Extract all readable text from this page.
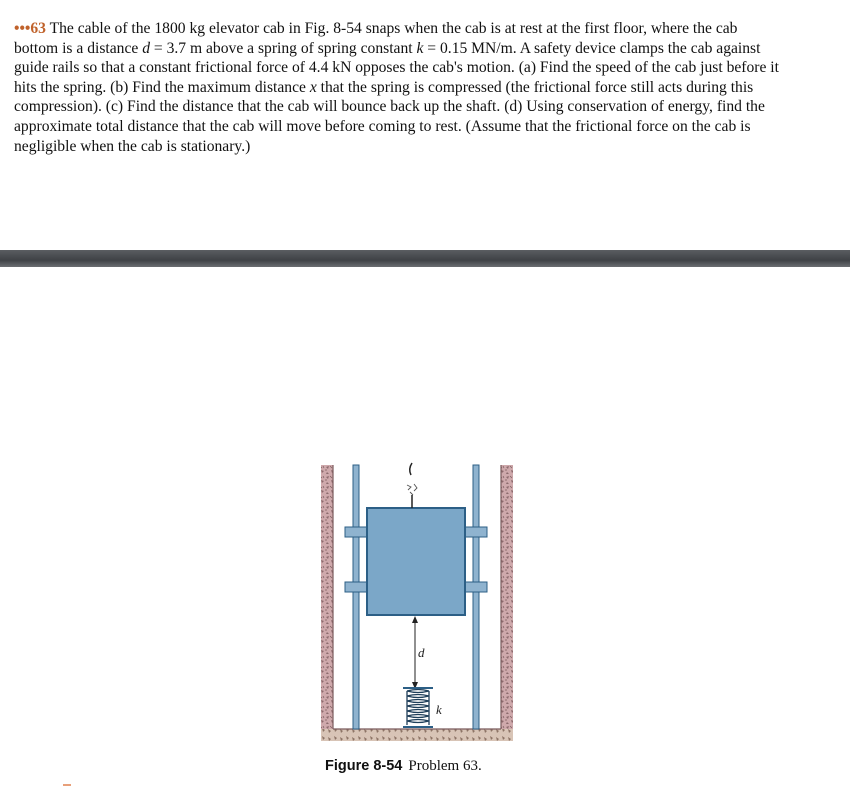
•••63 The cable of the 1800 kg elevator cab in Fig. 8-54 snaps when the cab is at rest at the first floor, where the cab bottom is a distance d = 3.7 m above a spring of spring constant k = 0.15 MN/m. A safety device clamps the cab against guide rails so that a constant frictional force of 4.4 kN opposes the cab's motion. (a) Find the speed of the cab just before it hits the spring. (b) Find the maximum distance x that the spring is compressed (the frictional force still acts during this compression). (c) Find the distance that the cab will bounce back up the shaft. (d) Using conservation of energy, find the approximate total distance that the cab will move before coming to rest. (Assume that the frictional force on the cab is negligible when the cab is stationary.)
d
k
Figure 8-54 Problem 63.
